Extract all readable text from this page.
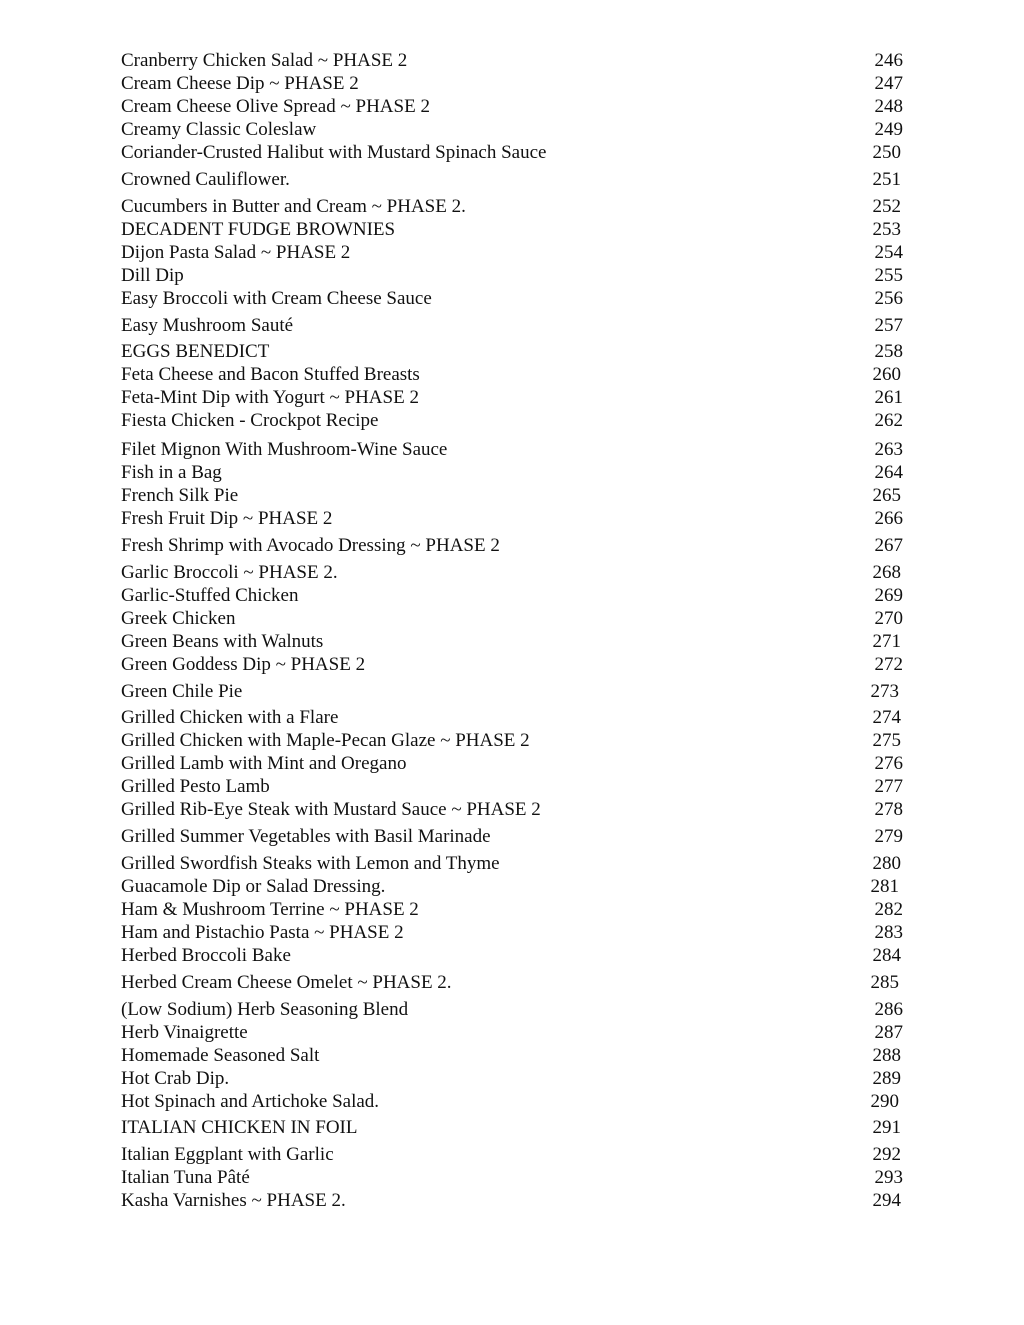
Cranberry Chicken Salad ~ PHASE 2	246
Cream Cheese Dip ~ PHASE 2	247
Cream Cheese Olive Spread ~ PHASE 2	248
Creamy Classic Coleslaw	249
Coriander-Crusted Halibut with Mustard Spinach Sauce	250
Crowned Cauliflower.	251
Cucumbers in Butter and Cream ~ PHASE 2.	252
DECADENT FUDGE BROWNIES	253
Dijon Pasta Salad ~ PHASE 2	254
Dill Dip	255
Easy Broccoli with Cream Cheese Sauce	256
Easy Mushroom Sauté	257
EGGS BENEDICT	258
Feta Cheese and Bacon Stuffed Breasts	260
Feta-Mint Dip with Yogurt ~ PHASE 2	261
Fiesta Chicken - Crockpot Recipe	262
Filet Mignon With Mushroom-Wine Sauce	263
Fish in a Bag	264
French Silk Pie	265
Fresh Fruit Dip ~ PHASE 2	266
Fresh Shrimp with Avocado Dressing ~ PHASE 2	267
Garlic Broccoli ~ PHASE 2.	268
Garlic-Stuffed Chicken	269
Greek Chicken	270
Green Beans with Walnuts	271
Green Goddess Dip ~ PHASE 2	272
Green Chile Pie	273
Grilled Chicken with a Flare	274
Grilled Chicken with Maple-Pecan Glaze ~ PHASE 2	275
Grilled Lamb with Mint and Oregano	276
Grilled Pesto Lamb	277
Grilled Rib-Eye Steak with Mustard Sauce ~ PHASE 2	278
Grilled Summer Vegetables with Basil Marinade	279
Grilled Swordfish Steaks with Lemon and Thyme	280
Guacamole Dip or Salad Dressing.	281
Ham & Mushroom Terrine ~ PHASE 2	282
Ham and Pistachio Pasta ~ PHASE 2	283
Herbed Broccoli Bake	284
Herbed Cream Cheese Omelet ~ PHASE 2.	285
(Low Sodium) Herb Seasoning Blend	286
Herb Vinaigrette	287
Homemade Seasoned Salt	288
Hot Crab Dip.	289
Hot Spinach and Artichoke Salad.	290
ITALIAN CHICKEN IN FOIL	291
Italian Eggplant with Garlic	292
Italian Tuna Pâté	293
Kasha Varnishes ~ PHASE 2.	294
